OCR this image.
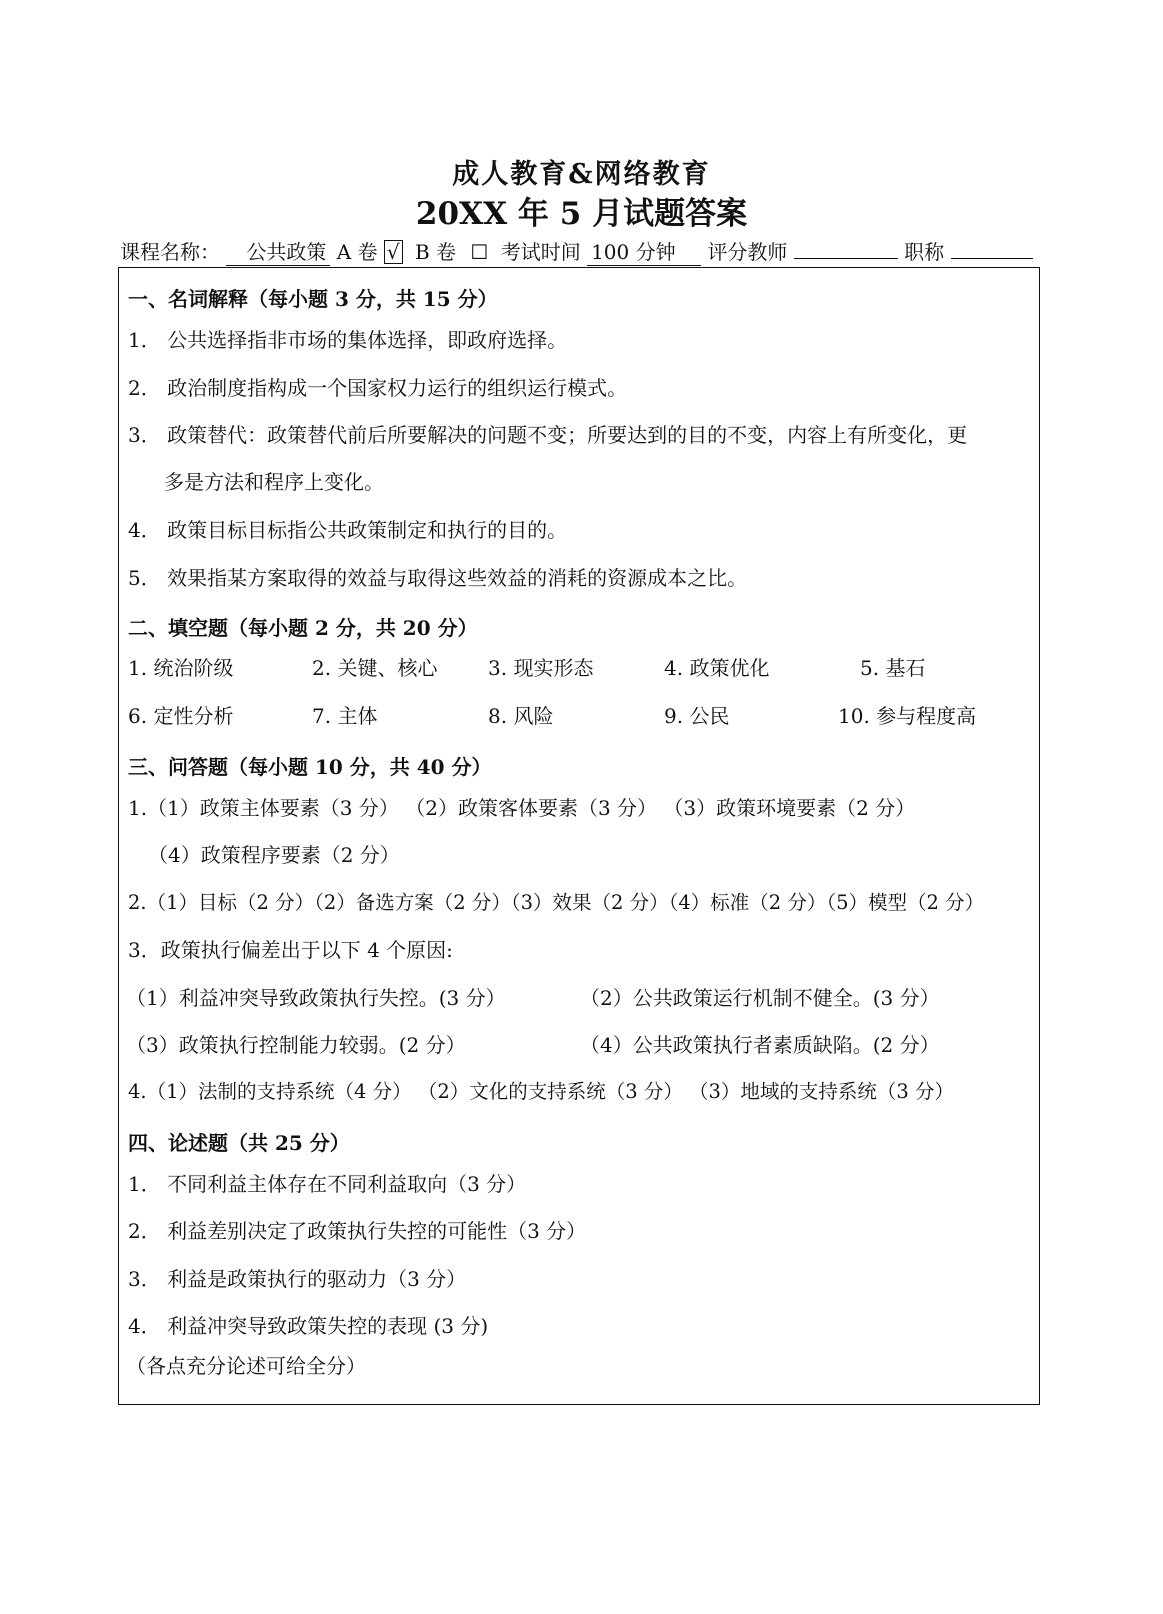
成人教育&网络教育
20XX 年 5 月试题答案
课程名称： 公共政策 A 卷 √ B 卷 ☐ 考试时间 100 分钟 评分教师	职称
一、名词解释（每小题 3 分，共 15 分）
1． 公共选择指非市场的集体选择，即政府选择。
2． 政治制度指构成一个国家权力运行的组织运行模式。
3． 政策替代：政策替代前后所要解决的问题不变；所要达到的目的不变，内容上有所变化，更
多是方法和程序上变化。
4． 政策目标目标指公共政策制定和执行的目的。
5． 效果指某方案取得的效益与取得这些效益的消耗的资源成本之比。
二、填空题（每小题 2 分，共 20 分）
1. 统治阶级	2. 关键、核心	3. 现实形态	4. 政策优化	5. 基石
6. 定性分析	7. 主体	8. 风险	9. 公民	10. 参与程度高
三、问答题（每小题 10 分，共 40 分）
1.（1）政策主体要素（3 分） （2）政策客体要素（3 分） （3）政策环境要素（2 分）
（4）政策程序要素（2 分）
2.（1）目标（2 分）（2）备选方案（2 分）（3）效果（2 分）（4）标准（2 分）（5）模型（2 分）
3．政策执行偏差出于以下 4 个原因:
（1）利益冲突导致政策执行失控。(3 分）	（2）公共政策运行机制不健全。(3 分）
（3）政策执行控制能力较弱。(2 分）	（4）公共政策执行者素质缺陷。(2 分）
4.（1）法制的支持系统（4 分） （2）文化的支持系统（3 分） （3）地域的支持系统（3 分）
四、论述题（共 25 分）
1． 不同利益主体存在不同利益取向（3 分）
2． 利益差别决定了政策执行失控的可能性（3 分）
3． 利益是政策执行的驱动力（3 分）
4． 利益冲突导致政策失控的表现 (3 分)
（各点充分论述可给全分）
